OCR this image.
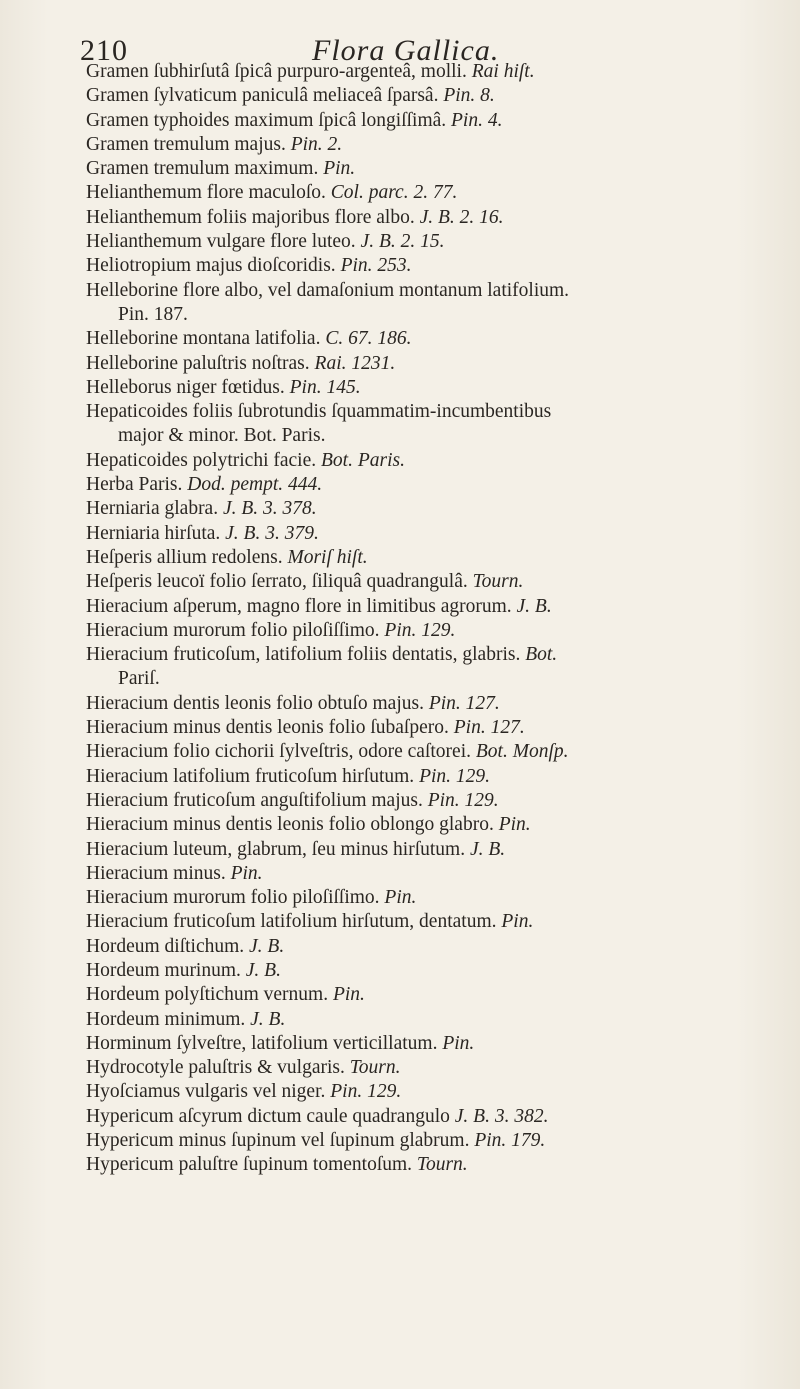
210	Flora Gallica.
Gramen ſubhirſutâ ſpicâ purpuro-argenteâ, molli. Rai hiſt.
Gramen ſylvaticum paniculâ meliaceâ ſparsâ. Pin. 8.
Gramen typhoides maximum ſpicâ longiſſimâ. Pin. 4.
Gramen tremulum majus. Pin. 2.
Gramen tremulum maximum. Pin.
Helianthemum flore maculoſo. Col. parc. 2. 77.
Helianthemum foliis majoribus flore albo. J. B. 2. 16.
Helianthemum vulgare flore luteo. J. B. 2. 15.
Heliotropium majus dioſcoridis. Pin. 253.
Helleborine flore albo, vel damaſonium montanum latifolium.
Pin. 187.
Helleborine montana latifolia. C. 67. 186.
Helleborine paluſtris noſtras. Rai. 1231.
Helleborus niger fœtidus. Pin. 145.
Hepaticoides foliis ſubrotundis ſquammatim-incumbentibus
major & minor. Bot. Paris.
Hepaticoides polytrichi facie. Bot. Paris.
Herba Paris. Dod. pempt. 444.
Herniaria glabra. J. B. 3. 378.
Herniaria hirſuta. J. B. 3. 379.
Heſperis allium redolens. Moriſ hiſt.
Heſperis leucoï folio ſerrato, ſiliquâ quadrangulâ. Tourn.
Hieracium aſperum, magno flore in limitibus agrorum. J. B.
Hieracium murorum folio piloſiſſimo. Pin. 129.
Hieracium fruticoſum, latifolium foliis dentatis, glabris. Bot.
Pariſ.
Hieracium dentis leonis folio obtuſo majus. Pin. 127.
Hieracium minus dentis leonis folio ſubaſpero. Pin. 127.
Hieracium folio cichorii ſylveſtris, odore caſtorei. Bot. Monſp.
Hieracium latifolium fruticoſum hirſutum. Pin. 129.
Hieracium fruticoſum anguſtifolium majus. Pin. 129.
Hieracium minus dentis leonis folio oblongo glabro. Pin.
Hieracium luteum, glabrum, ſeu minus hirſutum. J. B.
Hieracium minus. Pin.
Hieracium murorum folio piloſiſſimo. Pin.
Hieracium fruticoſum latifolium hirſutum, dentatum. Pin.
Hordeum diſtichum. J. B.
Hordeum murinum. J. B.
Hordeum polyſtichum vernum. Pin.
Hordeum minimum. J. B.
Horminum ſylveſtre, latifolium verticillatum. Pin.
Hydrocotyle paluſtris & vulgaris. Tourn.
Hyoſciamus vulgaris vel niger. Pin. 129.
Hypericum aſcyrum dictum caule quadrangulo J. B. 3. 382.
Hypericum minus ſupinum vel ſupinum glabrum. Pin. 179.
Hypericum paluſtre ſupinum tomentoſum. Tourn.
